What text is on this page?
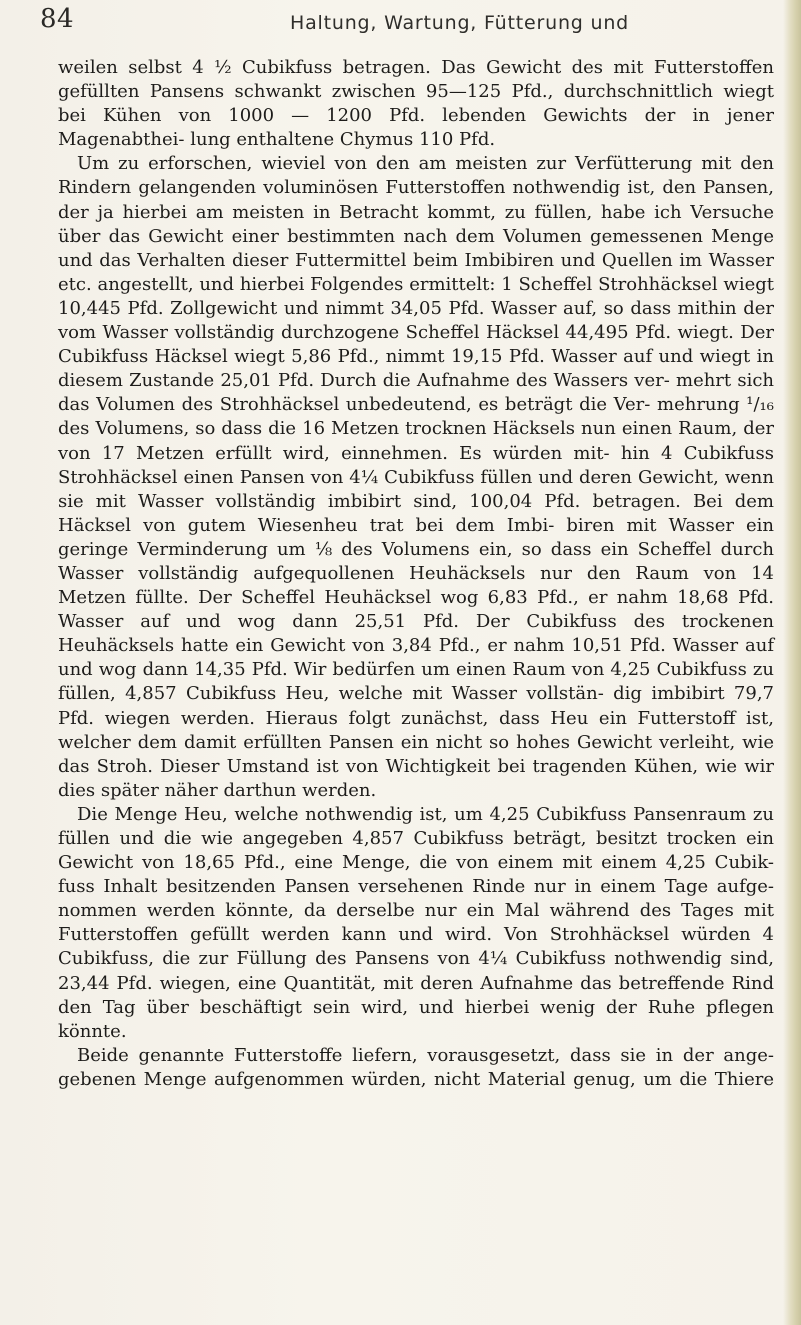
84	Haltung, Wartung, Fütterung und

weilen selbst 4 ½ Cubikfuss betragen. Das Gewicht des mit Futterstoffen gefüllten Pansens schwankt zwischen 95—125 Pfd., durchschnittlich wiegt bei Kühen von 1000 — 1200 Pfd. lebenden Gewichts der in jener Magenabthei- lung enthaltene Chymus 110 Pfd.

Um zu erforschen, wieviel von den am meisten zur Verfütterung mit den Rindern gelangenden voluminösen Futterstoffen nothwendig ist, den Pansen, der ja hierbei am meisten in Betracht kommt, zu füllen, habe ich Versuche über das Gewicht einer bestimmten nach dem Volumen gemessenen Menge und das Verhalten dieser Futtermittel beim Imbibiren und Quellen im Wasser etc. angestellt, und hierbei Folgendes ermittelt: 1 Scheffel Strohhäcksel wiegt 10,445 Pfd. Zollgewicht und nimmt 34,05 Pfd. Wasser auf, so dass mithin der vom Wasser vollständig durchzogene Scheffel Häcksel 44,495 Pfd. wiegt. Der Cubikfuss Häcksel wiegt 5,86 Pfd., nimmt 19,15 Pfd. Wasser auf und wiegt in diesem Zustande 25,01 Pfd. Durch die Aufnahme des Wassers ver- mehrt sich das Volumen des Strohhäcksel unbedeutend, es beträgt die Ver- mehrung ¹/₁₆ des Volumens, so dass die 16 Metzen trocknen Häcksels nun einen Raum, der von 17 Metzen erfüllt wird, einnehmen. Es würden mit- hin 4 Cubikfuss Strohhäcksel einen Pansen von 4¼ Cubikfuss füllen und deren Gewicht, wenn sie mit Wasser vollständig imbibirt sind, 100,04 Pfd. betragen. Bei dem Häcksel von gutem Wiesenheu trat bei dem Imbi- biren mit Wasser ein geringe Verminderung um ⅛ des Volumens ein, so dass ein Scheffel durch Wasser vollständig aufgequollenen Heuhäcksels nur den Raum von 14 Metzen füllte. Der Scheffel Heuhäcksel wog 6,83 Pfd., er nahm 18,68 Pfd. Wasser auf und wog dann 25,51 Pfd. Der Cubikfuss des trockenen Heuhäcksels hatte ein Gewicht von 3,84 Pfd., er nahm 10,51 Pfd. Wasser auf und wog dann 14,35 Pfd. Wir bedürfen um einen Raum von 4,25 Cubikfuss zu füllen, 4,857 Cubikfuss Heu, welche mit Wasser vollstän- dig imbibirt 79,7 Pfd. wiegen werden. Hieraus folgt zunächst, dass Heu ein Futterstoff ist, welcher dem damit erfüllten Pansen ein nicht so hohes Gewicht verleiht, wie das Stroh. Dieser Umstand ist von Wichtigkeit bei tragenden Kühen, wie wir dies später näher darthun werden.

Die Menge Heu, welche nothwendig ist, um 4,25 Cubikfuss Pansenraum zu füllen und die wie angegeben 4,857 Cubikfuss beträgt, besitzt trocken ein Gewicht von 18,65 Pfd., eine Menge, die von einem mit einem 4,25 Cubik- fuss Inhalt besitzenden Pansen versehenen Rinde nur in einem Tage aufge- nommen werden könnte, da derselbe nur ein Mal während des Tages mit Futterstoffen gefüllt werden kann und wird. Von Strohhäcksel würden 4 Cubikfuss, die zur Füllung des Pansens von 4¼ Cubikfuss nothwendig sind, 23,44 Pfd. wiegen, eine Quantität, mit deren Aufnahme das betreffende Rind den Tag über beschäftigt sein wird, und hierbei wenig der Ruhe pflegen könnte.

Beide genannte Futterstoffe liefern, vorausgesetzt, dass sie in der ange- gebenen Menge aufgenommen würden, nicht Material genug, um die Thiere
